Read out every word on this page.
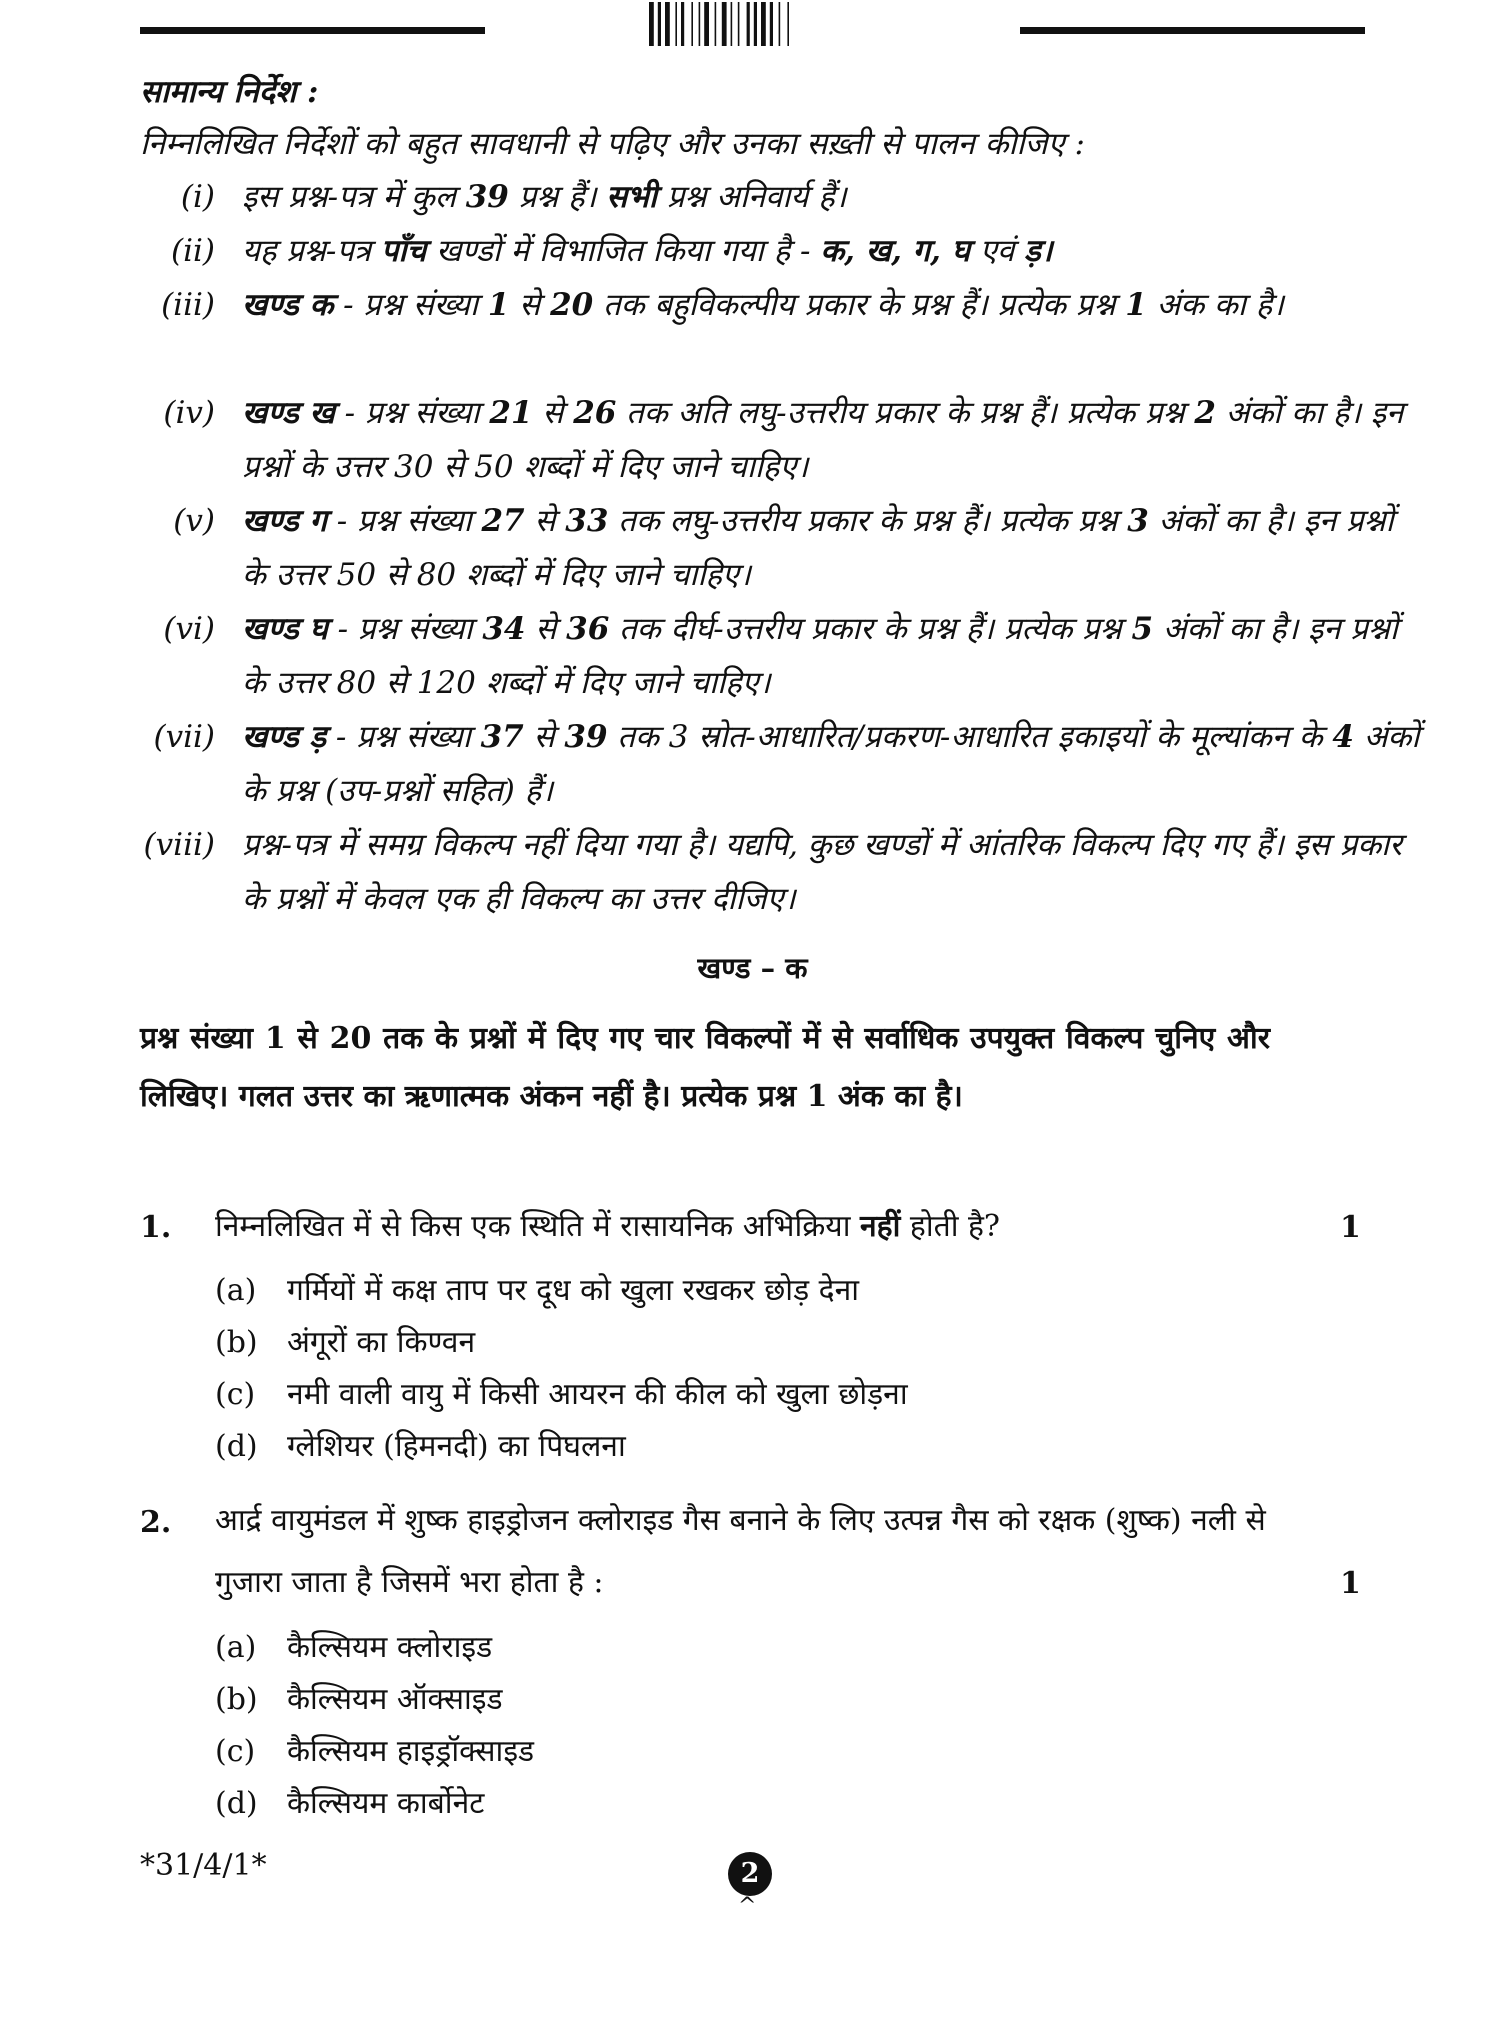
सामान्य निर्देश :
निम्नलिखित निर्देशों को बहुत सावधानी से पढ़िए और उनका सख़्ती से पालन कीजिए :
(i) इस प्रश्न-पत्र में कुल 39 प्रश्न हैं। सभी प्रश्न अनिवार्य हैं।
(ii) यह प्रश्न-पत्र पाँच खण्डों में विभाजित किया गया है - क, ख, ग, घ एवं ड़।
(iii) खण्ड क - प्रश्न संख्या 1 से 20 तक बहुविकल्पीय प्रकार के प्रश्न हैं। प्रत्येक प्रश्न 1 अंक का है।
(iv) खण्ड ख - प्रश्न संख्या 21 से 26 तक अति लघु-उत्तरीय प्रकार के प्रश्न हैं। प्रत्येक प्रश्न 2 अंकों का है। इन प्रश्नों के उत्तर 30 से 50 शब्दों में दिए जाने चाहिए।
(v) खण्ड ग - प्रश्न संख्या 27 से 33 तक लघु-उत्तरीय प्रकार के प्रश्न हैं। प्रत्येक प्रश्न 3 अंकों का है। इन प्रश्नों के उत्तर 50 से 80 शब्दों में दिए जाने चाहिए।
(vi) खण्ड घ - प्रश्न संख्या 34 से 36 तक दीर्घ-उत्तरीय प्रकार के प्रश्न हैं। प्रत्येक प्रश्न 5 अंकों का है। इन प्रश्नों के उत्तर 80 से 120 शब्दों में दिए जाने चाहिए।
(vii) खण्ड ड़ - प्रश्न संख्या 37 से 39 तक 3 स्रोत-आधारित/प्रकरण-आधारित इकाइयों के मूल्यांकन के 4 अंकों के प्रश्न (उप-प्रश्नों सहित) हैं।
(viii) प्रश्न-पत्र में समग्र विकल्प नहीं दिया गया है। यद्यपि, कुछ खण्डों में आंतरिक विकल्प दिए गए हैं। इस प्रकार के प्रश्नों में केवल एक ही विकल्प का उत्तर दीजिए।
खण्ड – क
प्रश्न संख्या 1 से 20 तक के प्रश्नों में दिए गए चार विकल्पों में से सर्वाधिक उपयुक्त विकल्प चुनिए और लिखिए। गलत उत्तर का ऋणात्मक अंकन नहीं है। प्रत्येक प्रश्न 1 अंक का है।
1. निम्नलिखित में से किस एक स्थिति में रासायनिक अभिक्रिया नहीं होती है?	1
(a) गर्मियों में कक्ष ताप पर दूध को खुला रखकर छोड़ देना
(b) अंगूरों का किण्वन
(c) नमी वाली वायु में किसी आयरन की कील को खुला छोड़ना
(d) ग्लेशियर (हिमनदी) का पिघलना
2. आर्द्र वायुमंडल में शुष्क हाइड्रोजन क्लोराइड गैस बनाने के लिए उत्पन्न गैस को रक्षक (शुष्क) नली से गुजारा जाता है जिसमें भरा होता है :	1
(a) कैल्सियम क्लोराइड
(b) कैल्सियम ऑक्साइड
(c) कैल्सियम हाइड्रॉक्साइड
(d) कैल्सियम कार्बोनेट
*31/4/1*	2
^
